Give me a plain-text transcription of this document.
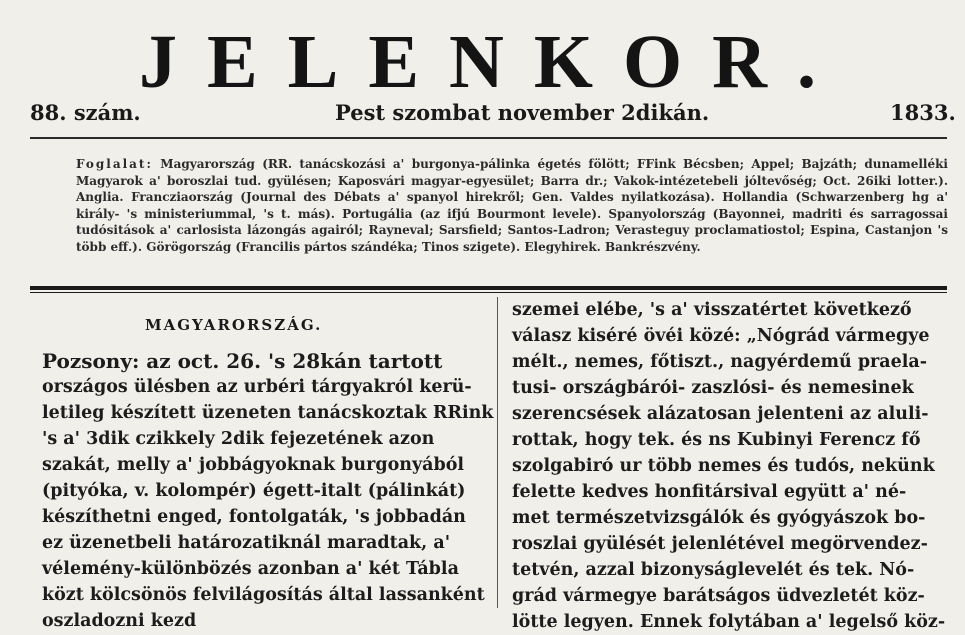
JELENKOR.
88. szám.	Pest szombat november 2dikán.	1833.
Foglalat: Magyarország (RR. tanácskozási a' burgonya-pálinka égetés fölött; FFink Bécsben; Appel; Bajzáth; dunamelléki Magyarok a' boroszlai tud. gyülésen; Kaposvári magyar-egyesület; Barra dr.; Vakok-intézetebeli jóltevőség; Oct. 26iki lotter.). Anglia. Francziaország (Journal des Débats a' spanyol hirekről; Gen. Valdes nyilatkozása). Hollandia (Schwarzenberg hg a' király- 's ministeriummal, 's t. más). Portugália (az ifjú Bourmont levele). Spanyolország (Bayonnei, madriti és sarragossai tudósitások a' carlosista lázongás agairól; Rayneval; Sarsfield; Santos-Ladron; Verasteguy proclamatiostol; Espina, Castanjon 's több eff.). Görögország (Francilis pártos szándéka; Tinos szigete). Elegyhirek. Bankrészvény.
MAGYARORSZÁG.
Pozsony: az oct. 26. 's 28kán tartott
országos ülésben az urbéri tárgyakról kerü-
letileg készített üzeneten tanácskoztak RRink
's a' 3dik czikkely 2dik fejezetének azon
szakát, melly a' jobbágyoknak burgonyából
(pityóka, v. kolompér) égett-italt (pálinkát)
készíthetni enged, fontolgaták, 's jobbadán
ez üzenetbeli határozatiknál maradtak, a'
vélemény-különbözés azonban a' két Tábla
közt kölcsönös felvilágosítás által lassanként
oszladozni kezd
szemei elébe, 's a' visszatértet következő
válasz kiséré övéi közé: „Nógrád vármegye
mélt., nemes, főtiszt., nagyérdemű praela-
tusi- országbárói- zaszlósi- és nemesinek
szerencsések alázatosan jelenteni az aluli-
rottak, hogy tek. és ns Kubinyi Ferencz fő
szolgabiró ur több nemes és tudós, nekünk
felette kedves honfitársival együtt a' né-
met természetvizsgálók és gyógyászok bo-
roszlai gyülését jelenlétével megörvendez-
tetvén, azzal bizonyságlevelét és tek. Nó-
grád vármegye barátságos üdvezletét köz-
lötte legyen. Ennek folytában a' legelső köz-
